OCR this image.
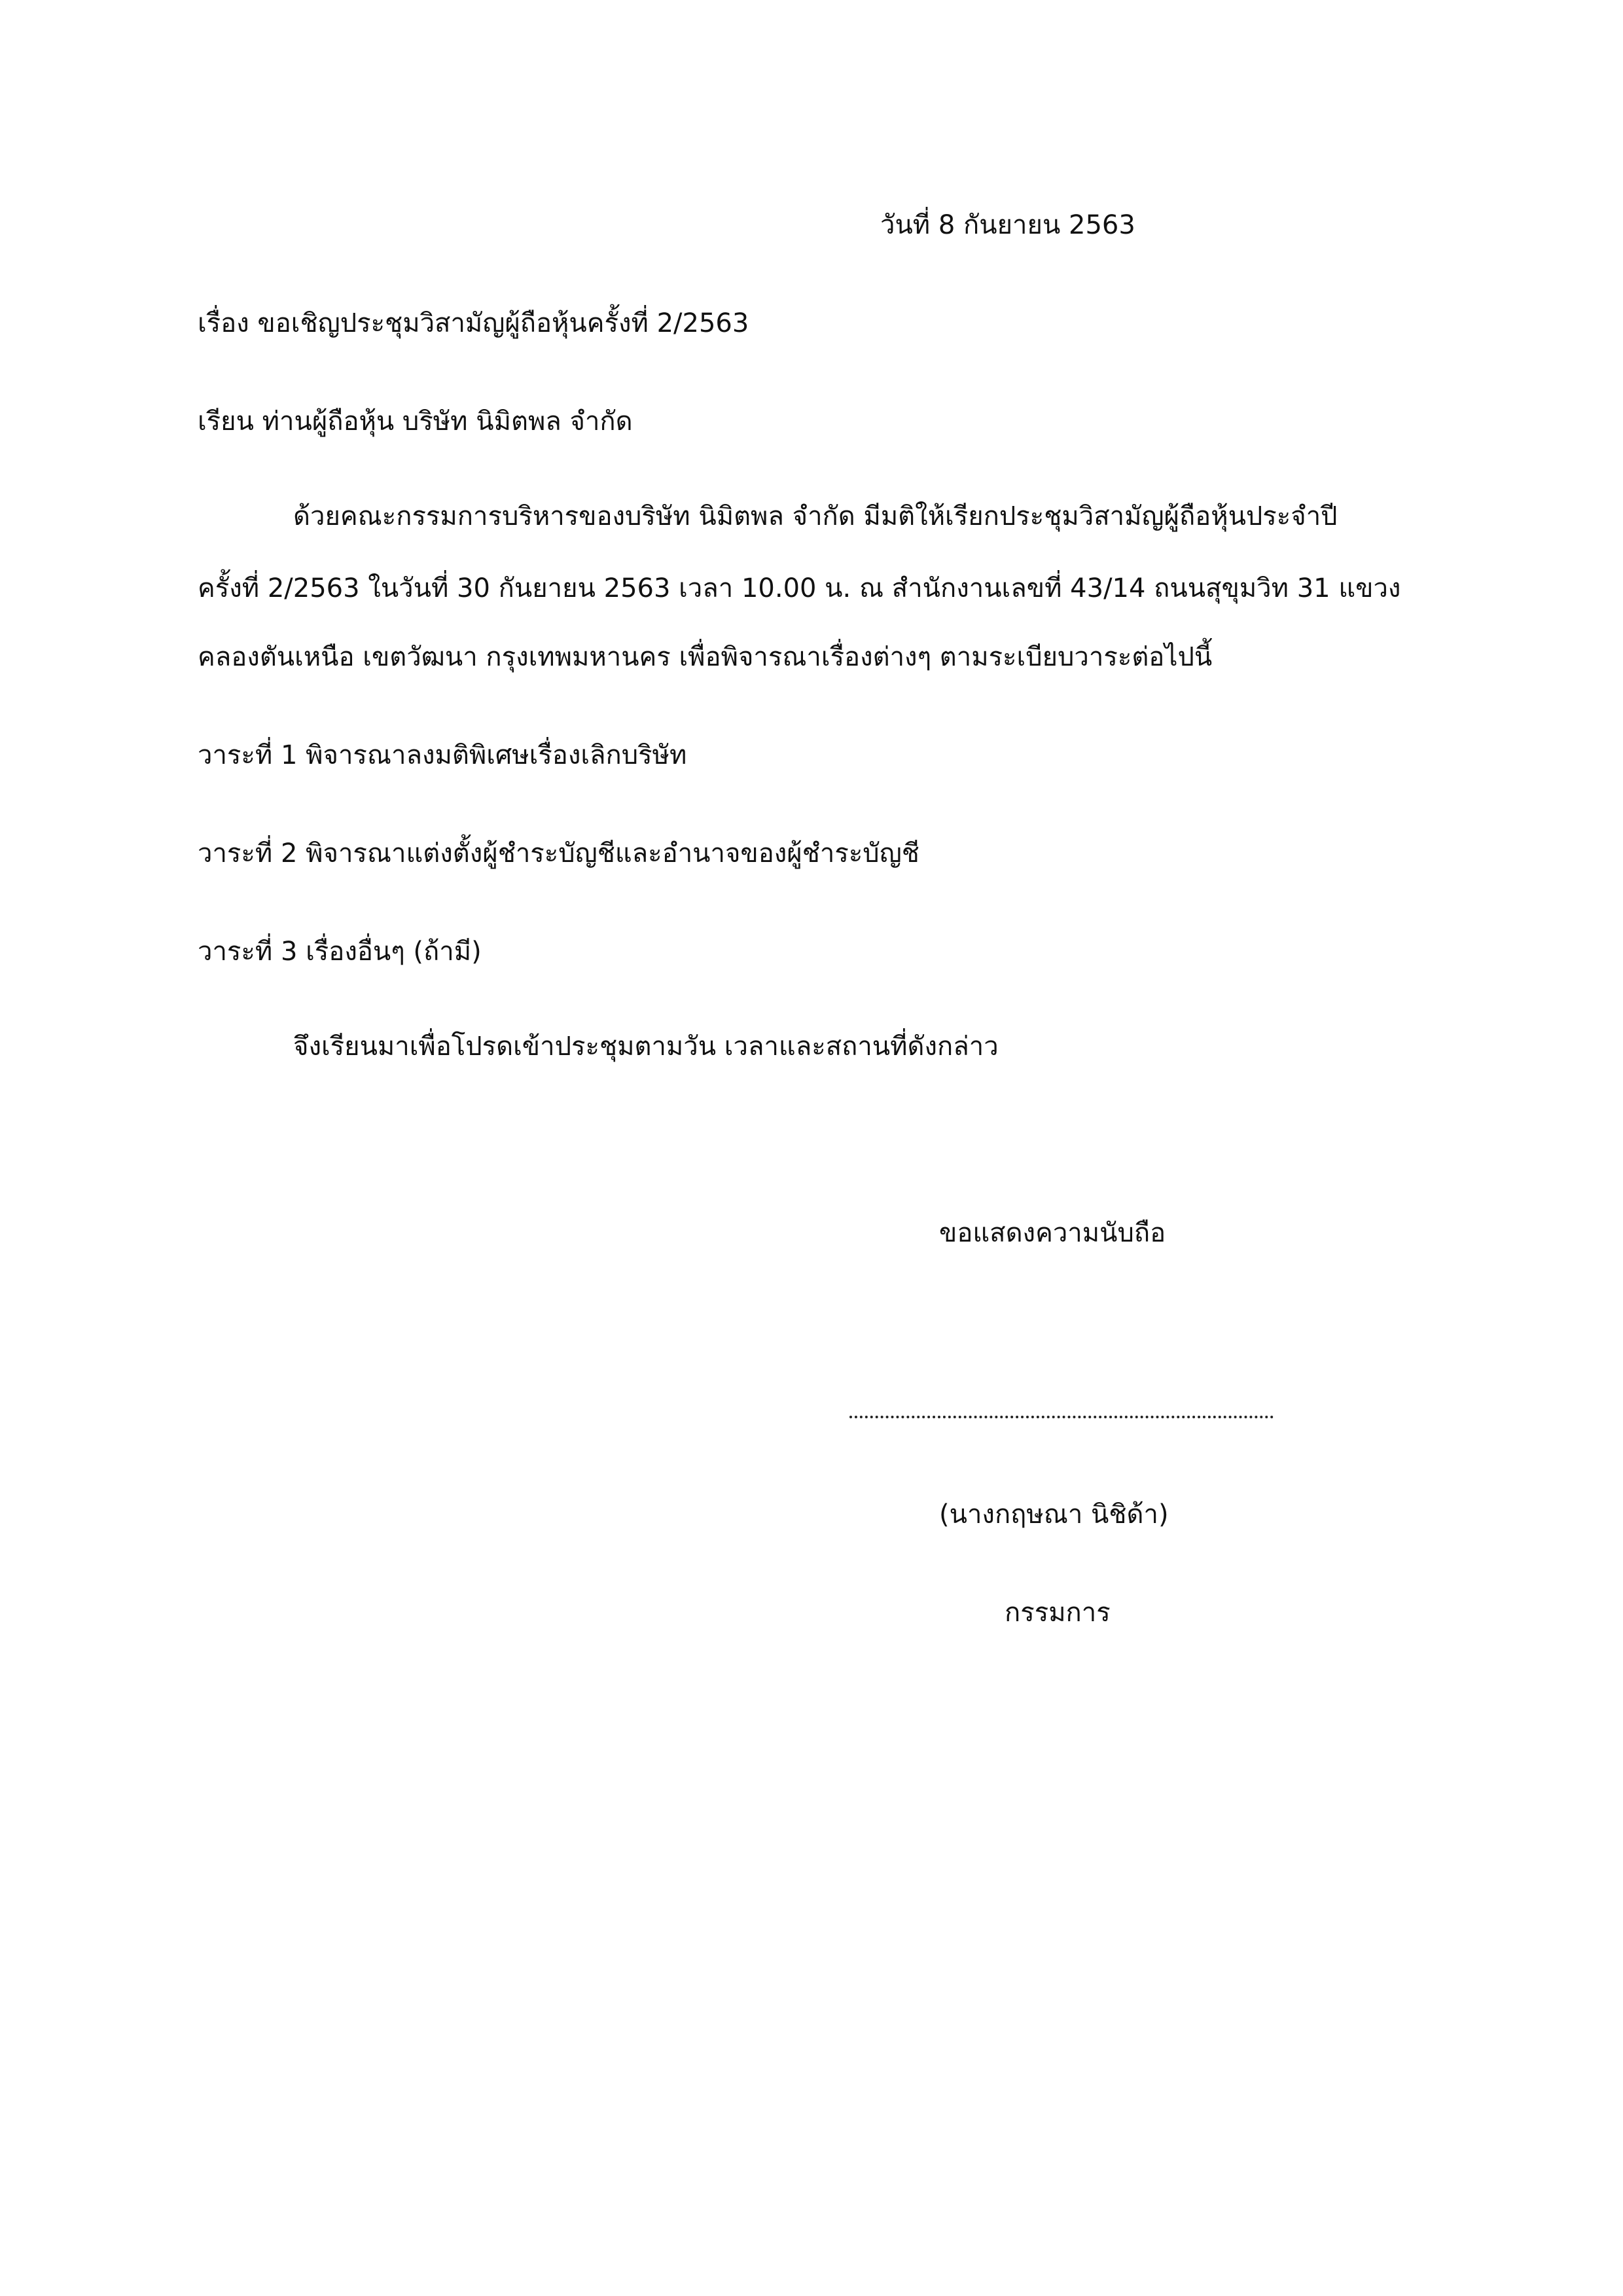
วันที่ 8 กันยายน 2563
เรื่อง ขอเชิญประชุมวิสามัญผู้ถือหุ้นครั้งที่ 2/2563
เรียน ท่านผู้ถือหุ้น บริษัท นิมิตพล จำกัด
ด้วยคณะกรรมการบริหารของบริษัท นิมิตพล จำกัด มีมติให้เรียกประชุมวิสามัญผู้ถือหุ้นประจำปี
ครั้งที่ 2/2563 ในวันที่ 30 กันยายน 2563 เวลา 10.00 น. ณ สำนักงานเลขที่ 43/14 ถนนสุขุมวิท 31 แขวง
คลองตันเหนือ เขตวัฒนา กรุงเทพมหานคร เพื่อพิจารณาเรื่องต่างๆ ตามระเบียบวาระต่อไปนี้
วาระที่ 1 พิจารณาลงมติพิเศษเรื่องเลิกบริษัท
วาระที่ 2 พิจารณาแต่งตั้งผู้ชำระบัญชีและอำนาจของผู้ชำระบัญชี
วาระที่ 3 เรื่องอื่นๆ (ถ้ามี)
จึงเรียนมาเพื่อโปรดเข้าประชุมตามวัน เวลาและสถานที่ดังกล่าว
ขอแสดงความนับถือ
(นางกฤษณา นิชิด้า)
กรรมการ
